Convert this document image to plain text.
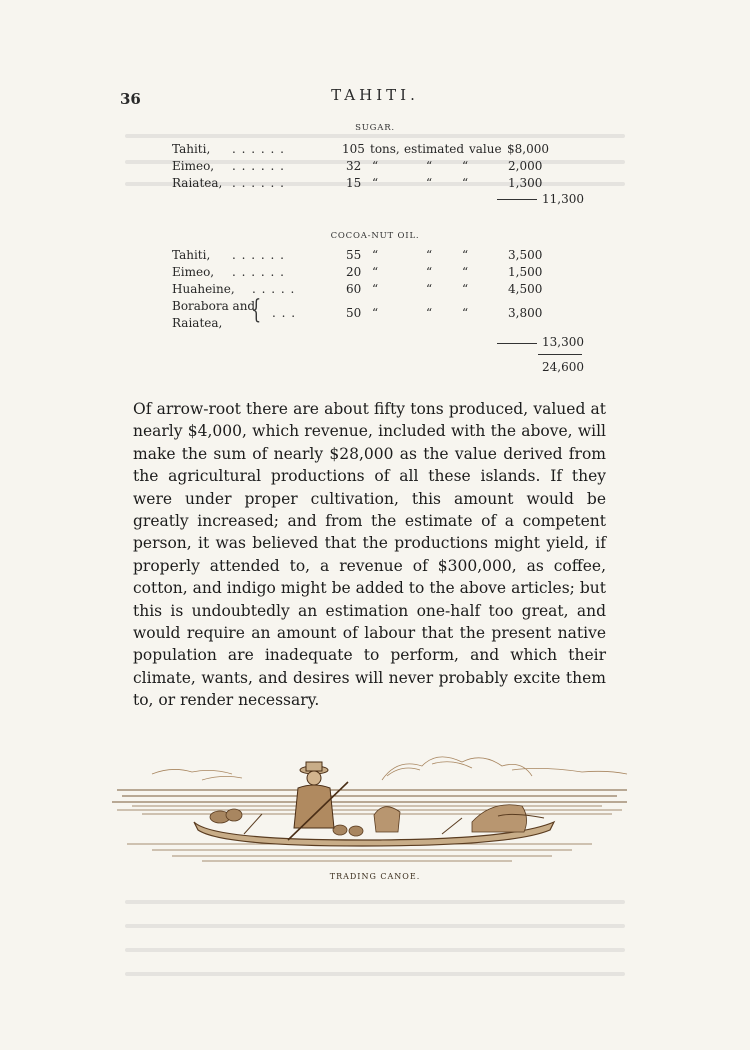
36	TAHITI.
SUGAR.
Tahiti, . . . . . .	105 tons, estimated value $8,000
Eimeo, . . . . . .	32 “	“ “	2,000
Raiatea, . . . . . .	15 “	“ “	1,300
11,300
COCOA-NUT OIL.
Tahiti, . . . . . .	55 “	“ “	3,500
Eimeo, . . . . . .	20 “	“ “	1,500
Huaheine, . . . . .	60 “	“ “	4,500
Borabora and
{ . . .	50 “	“ “	3,800
Raiatea,
13,300
24,600
Of arrow-root there are about fifty tons produced, valued at nearly $4,000, which revenue, included with the above, will make the sum of nearly $28,000 as the value derived from the agricultural productions of all these islands. If they were under proper cultivation, this amount would be greatly increased; and from the estimate of a competent person, it was believed that the productions might yield, if properly attended to, a revenue of $300,000, as coffee, cotton, and indigo might be added to the above articles; but this is undoubtedly an estimation one-half too great, and would require an amount of labour that the present native population are inadequate to perform, and which their climate, wants, and desires will never probably excite them to, or render necessary.
TRADING CANOE.
